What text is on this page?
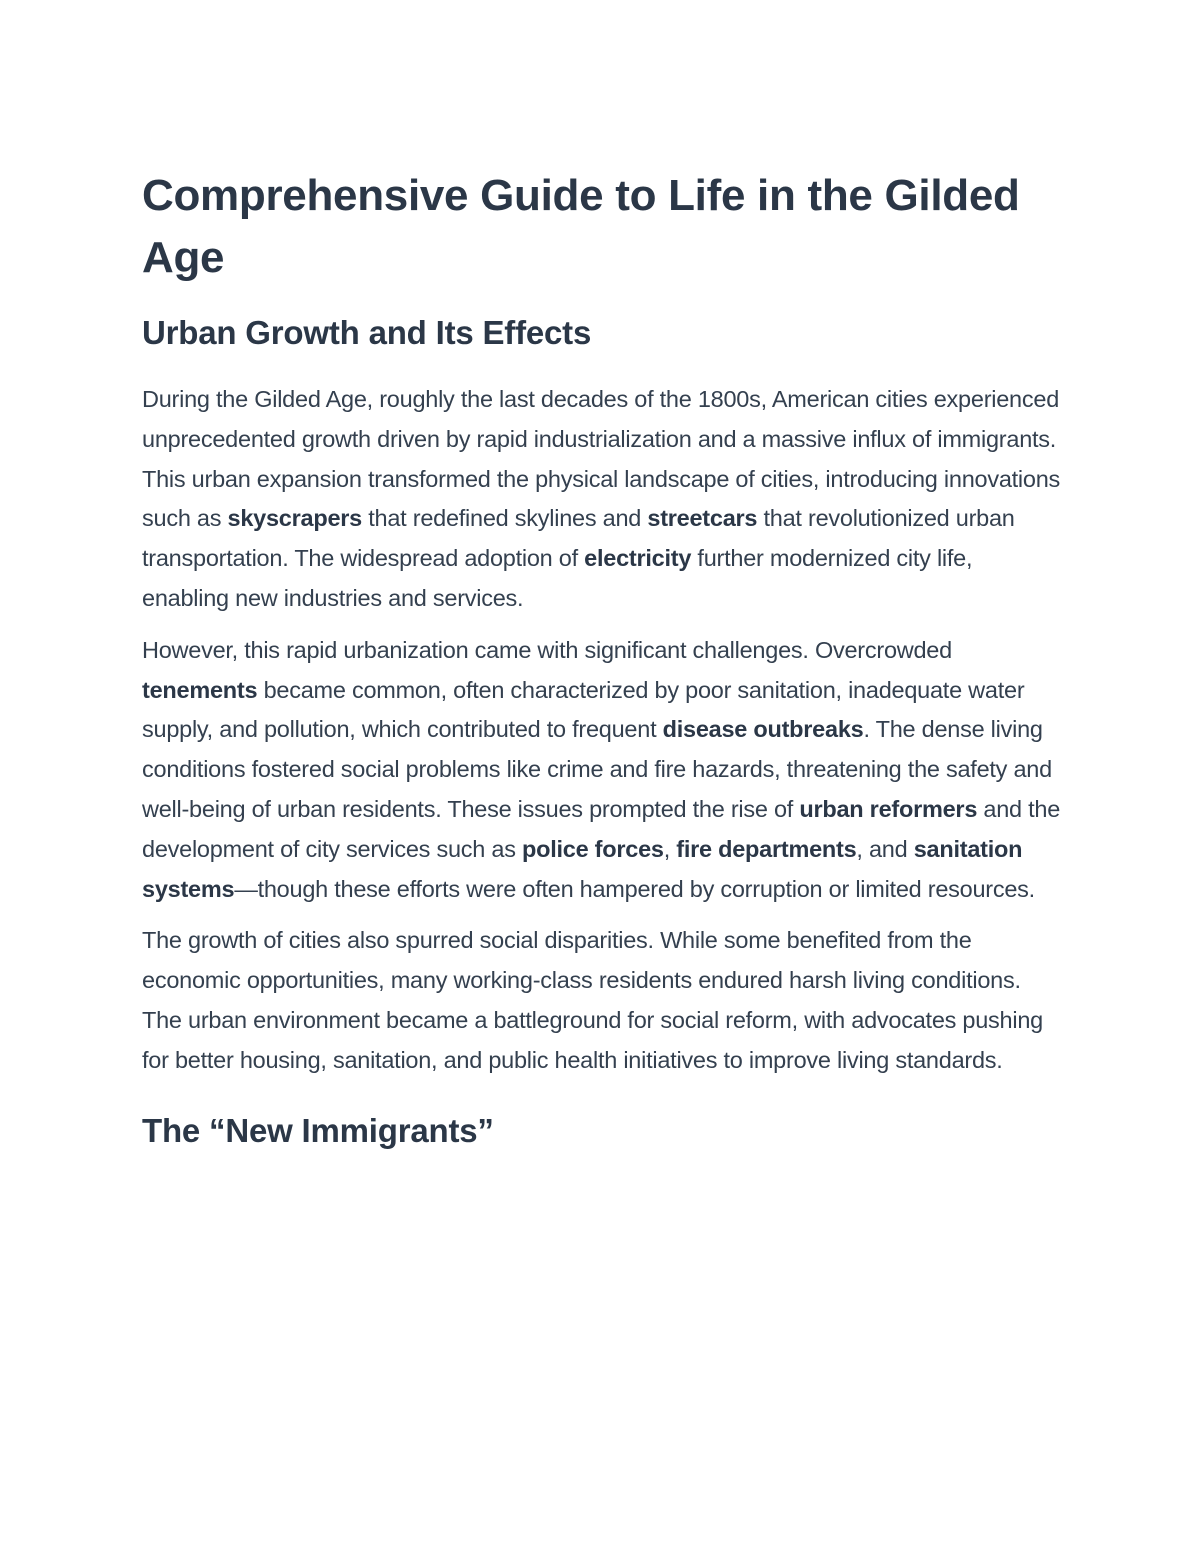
Comprehensive Guide to Life in the Gilded Age
Urban Growth and Its Effects

During the Gilded Age, roughly the last decades of the 1800s, American cities experienced unprecedented growth driven by rapid industrialization and a massive influx of immigrants. This urban expansion transformed the physical landscape of cities, introducing innovations such as skyscrapers that redefined skylines and streetcars that revolutionized urban transportation. The widespread adoption of electricity further modernized city life, enabling new industries and services.

However, this rapid urbanization came with significant challenges. Overcrowded tenements became common, often characterized by poor sanitation, inadequate water supply, and pollution, which contributed to frequent disease outbreaks. The dense living conditions fostered social problems like crime and fire hazards, threatening the safety and well-being of urban residents. These issues prompted the rise of urban reformers and the development of city services such as police forces, fire departments, and sanitation systems—though these efforts were often hampered by corruption or limited resources.

The growth of cities also spurred social disparities. While some benefited from the economic opportunities, many working-class residents endured harsh living conditions. The urban environment became a battleground for social reform, with advocates pushing for better housing, sanitation, and public health initiatives to improve living standards.

The “New Immigrants”
